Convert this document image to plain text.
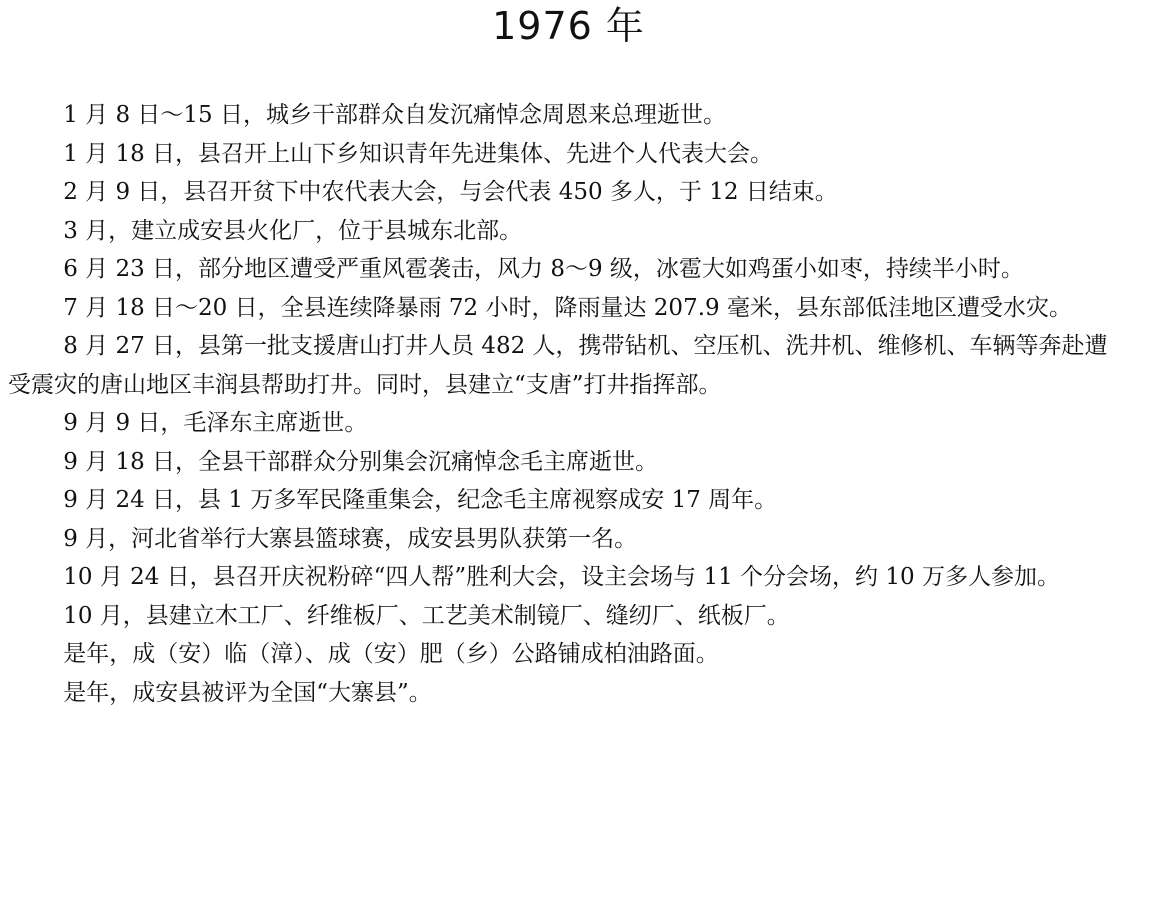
1976 年

1 月 8 日～15 日，城乡干部群众自发沉痛悼念周恩来总理逝世。

1 月 18 日，县召开上山下乡知识青年先进集体、先进个人代表大会。

2 月 9 日，县召开贫下中农代表大会，与会代表 450 多人，于 12 日结束。

3 月，建立成安县火化厂，位于县城东北部。

6 月 23 日，部分地区遭受严重风雹袭击，风力 8～9 级，冰雹大如鸡蛋小如枣，持续半小时。

7 月 18 日～20 日，全县连续降暴雨 72 小时，降雨量达 207.9 毫米，县东部低洼地区遭受水灾。

8 月 27 日，县第一批支援唐山打井人员 482 人，携带钻机、空压机、洗井机、维修机、车辆等奔赴遭受震灾的唐山地区丰润县帮助打井。同时，县建立“支唐”打井指挥部。

9 月 9 日，毛泽东主席逝世。

9 月 18 日，全县干部群众分别集会沉痛悼念毛主席逝世。

9 月 24 日，县 1 万多军民隆重集会，纪念毛主席视察成安 17 周年。

9 月，河北省举行大寨县篮球赛，成安县男队获第一名。

10 月 24 日，县召开庆祝粉碎“四人帮”胜利大会，设主会场与 11 个分会场，约 10 万多人参加。

10 月，县建立木工厂、纤维板厂、工艺美术制镜厂、缝纫厂、纸板厂。

是年，成（安）临（漳）、成（安）肥（乡）公路铺成柏油路面。

是年，成安县被评为全国“大寨县”。
